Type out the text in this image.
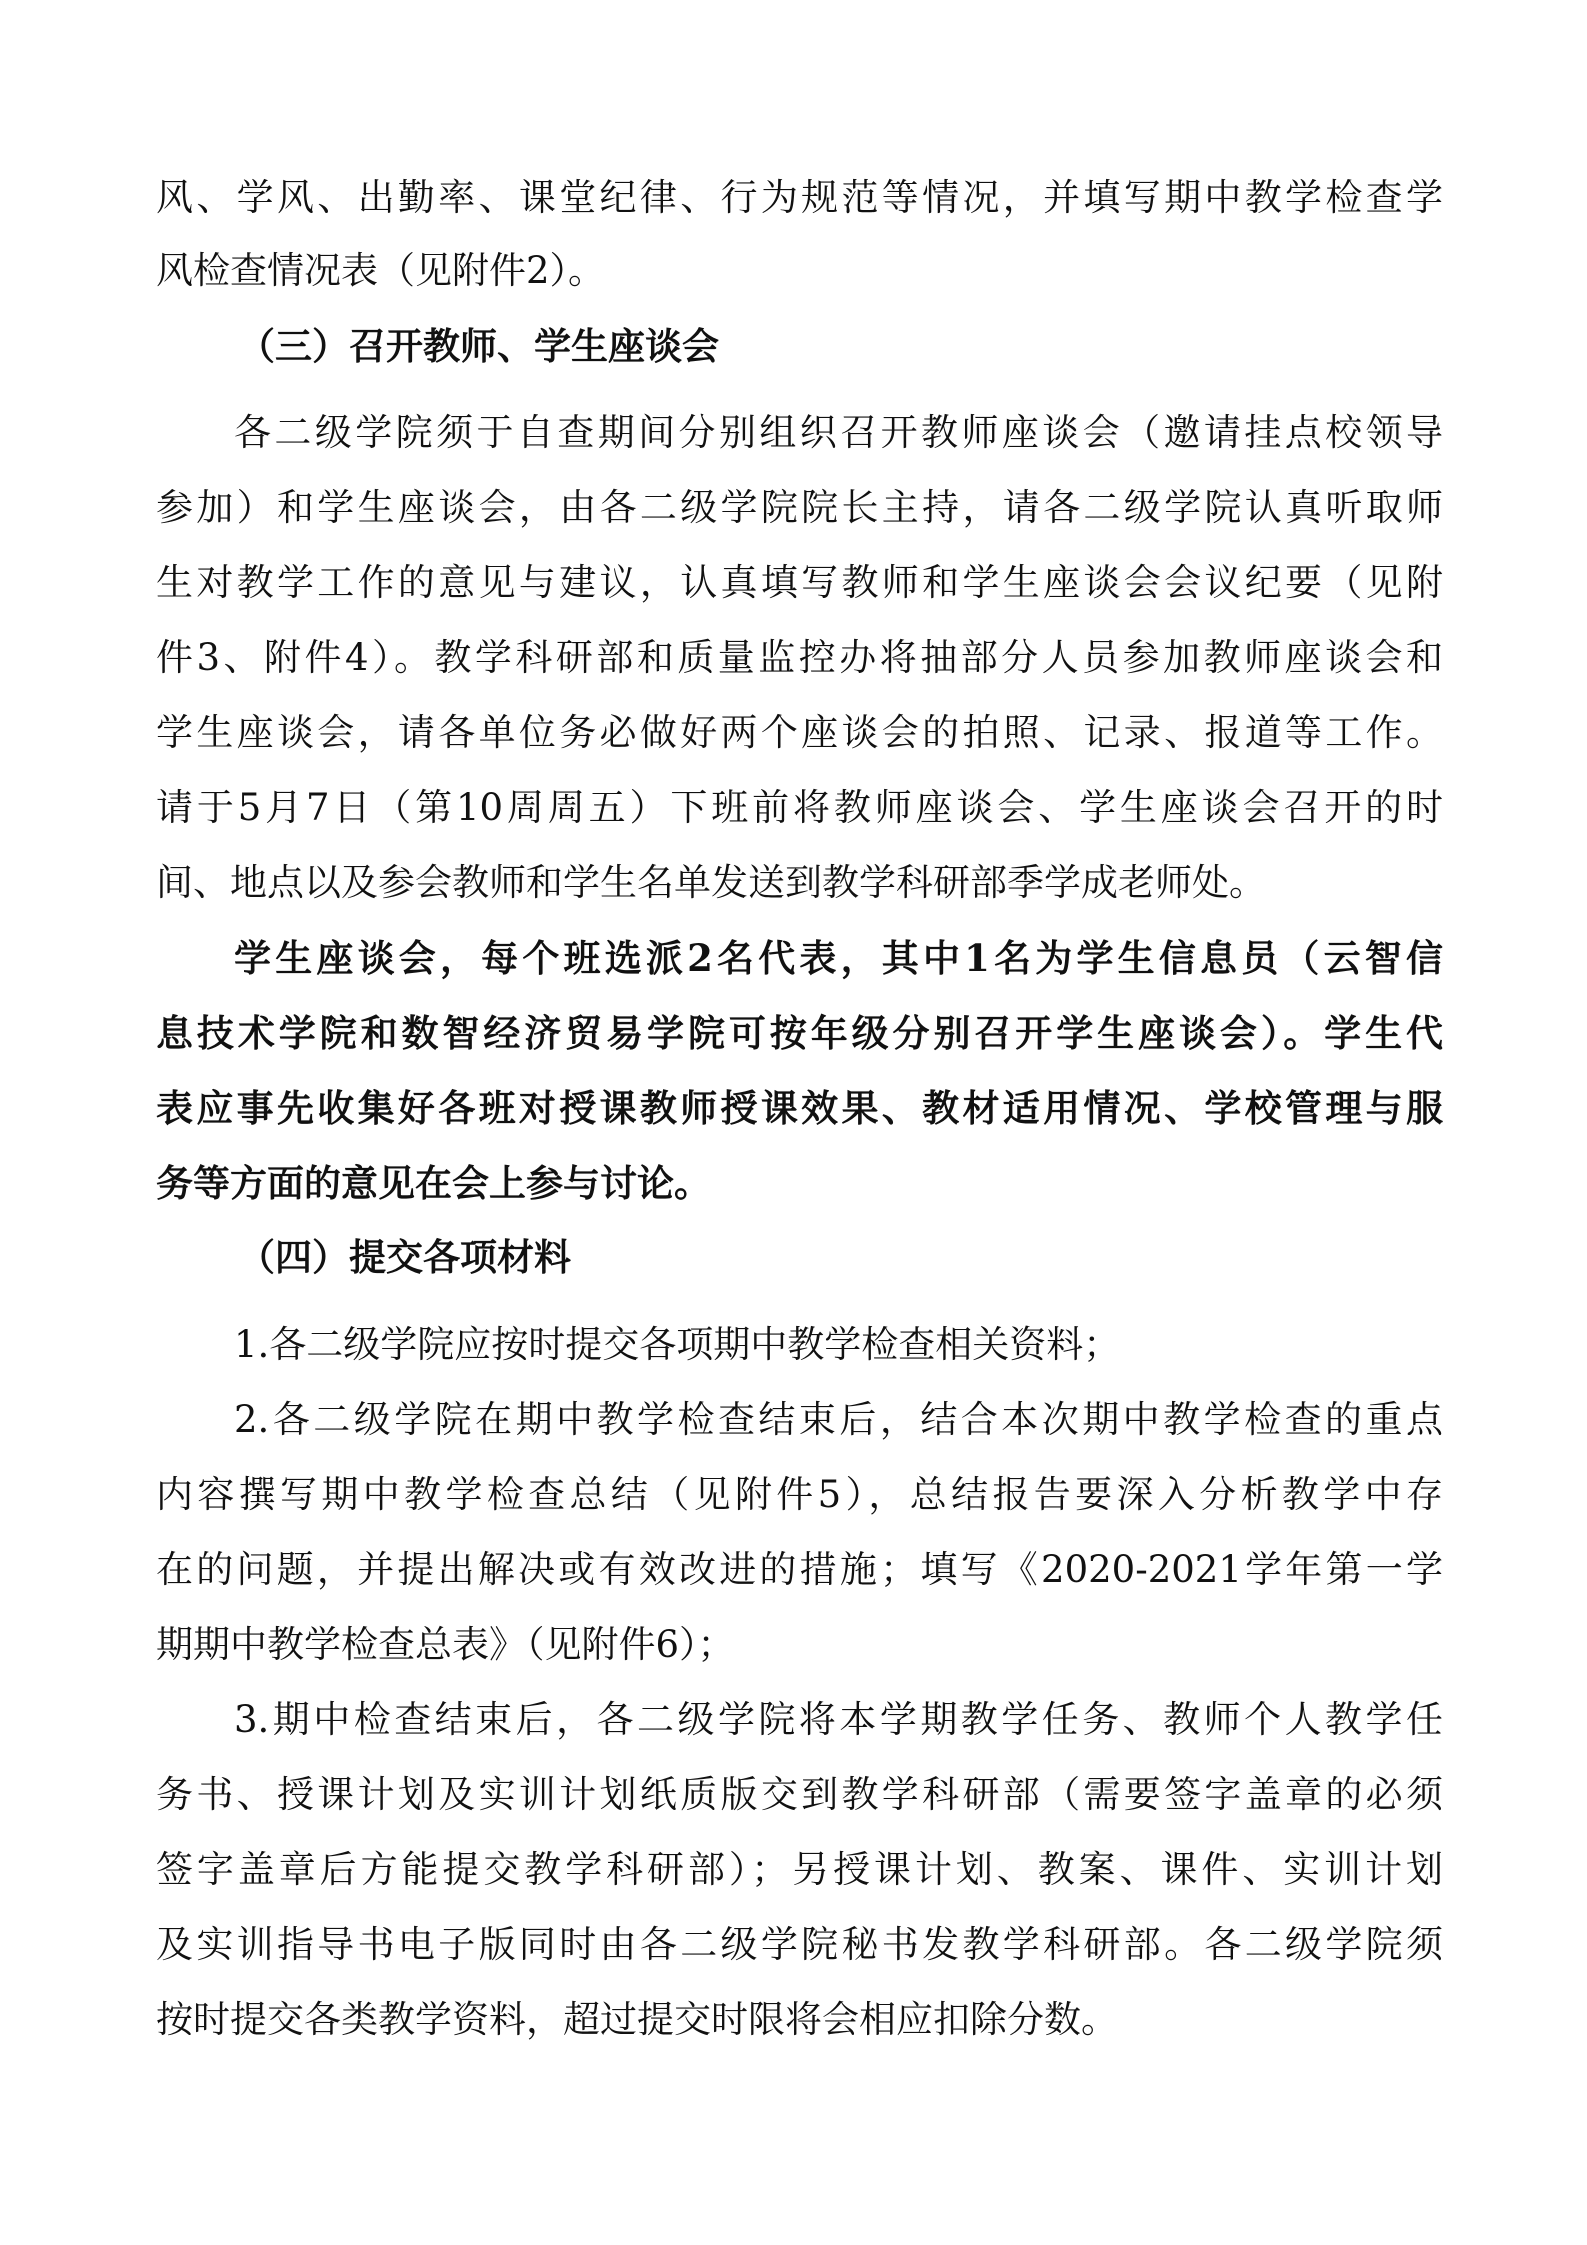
风、学风、出勤率、课堂纪律、行为规范等情况，并填写期中教学检查学
风检查情况表（见附件2）。
（三）召开教师、学生座谈会
各二级学院须于自查期间分别组织召开教师座谈会（邀请挂点校领导
参加）和学生座谈会，由各二级学院院长主持，请各二级学院认真听取师
生对教学工作的意见与建议，认真填写教师和学生座谈会会议纪要（见附
件3、附件4）。教学科研部和质量监控办将抽部分人员参加教师座谈会和
学生座谈会，请各单位务必做好两个座谈会的拍照、记录、报道等工作。
请于5月7日（第10周周五）下班前将教师座谈会、学生座谈会召开的时
间、地点以及参会教师和学生名单发送到教学科研部季学成老师处。
学生座谈会，每个班选派2名代表，其中1名为学生信息员（云智信
息技术学院和数智经济贸易学院可按年级分别召开学生座谈会）。学生代
表应事先收集好各班对授课教师授课效果、教材适用情况、学校管理与服
务等方面的意见在会上参与讨论。
（四）提交各项材料
1.各二级学院应按时提交各项期中教学检查相关资料；
2.各二级学院在期中教学检查结束后，结合本次期中教学检查的重点
内容撰写期中教学检查总结（见附件5），总结报告要深入分析教学中存
在的问题，并提出解决或有效改进的措施；填写《2020-2021学年第一学
期期中教学检查总表》（见附件6）；
3.期中检查结束后，各二级学院将本学期教学任务、教师个人教学任
务书、授课计划及实训计划纸质版交到教学科研部（需要签字盖章的必须
签字盖章后方能提交教学科研部）；另授课计划、教案、课件、实训计划
及实训指导书电子版同时由各二级学院秘书发教学科研部。各二级学院须
按时提交各类教学资料，超过提交时限将会相应扣除分数。
